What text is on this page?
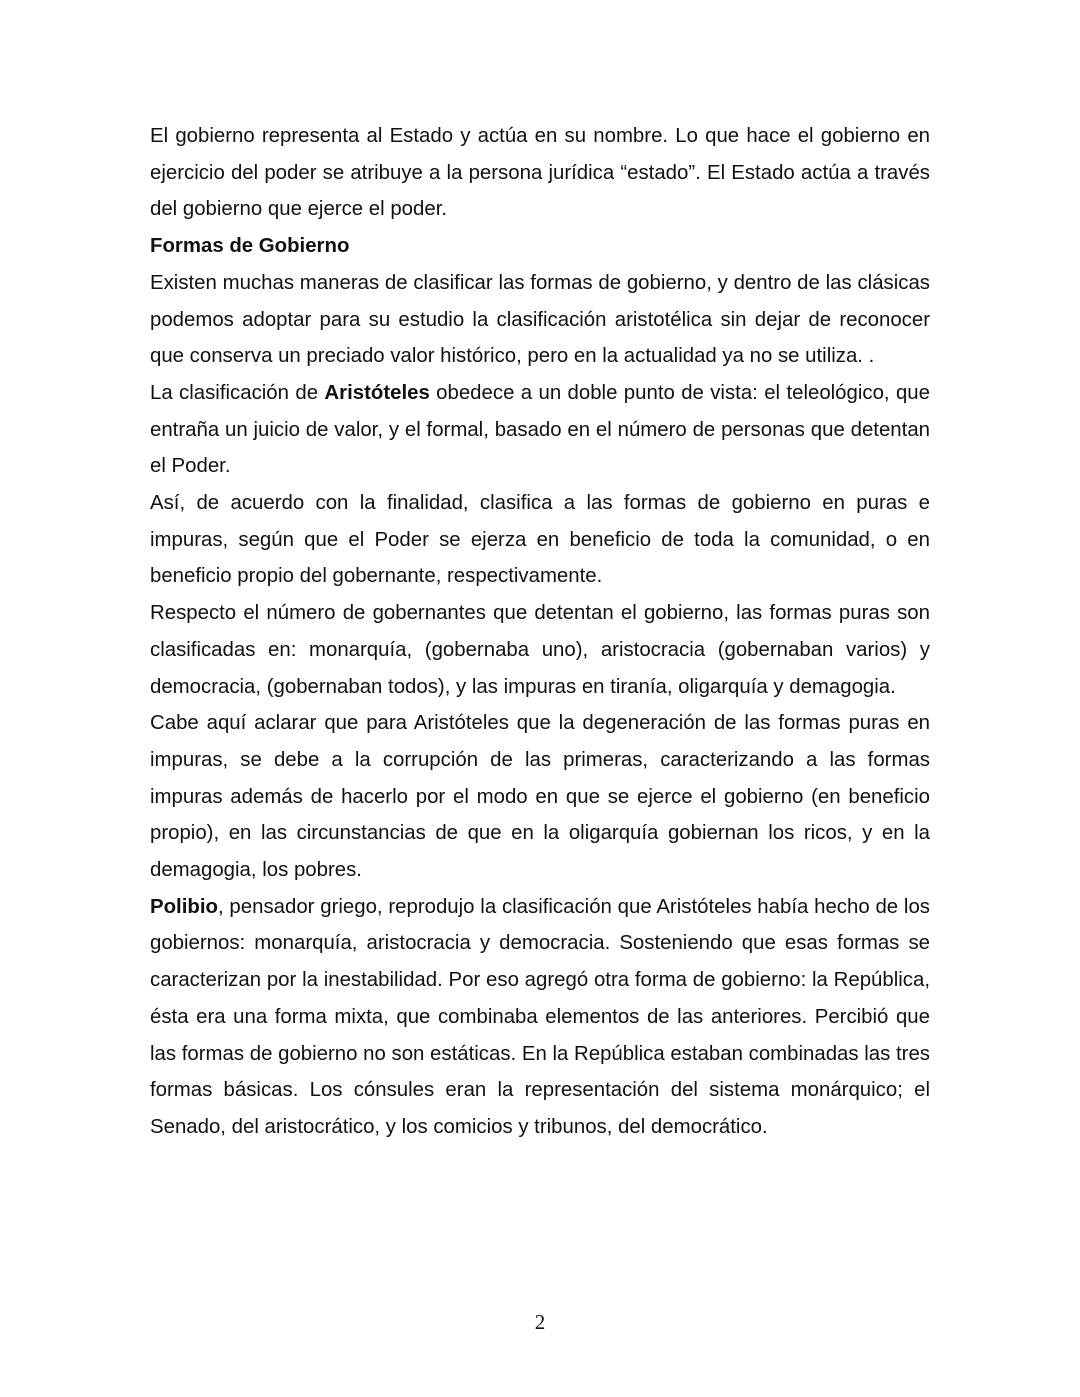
El gobierno representa al Estado y actúa en su nombre. Lo que hace el gobierno en ejercicio del poder se atribuye a la persona jurídica “estado”. El Estado actúa a través del gobierno que ejerce el poder.

Formas de Gobierno

Existen muchas maneras de clasificar las formas de gobierno, y dentro de las clásicas podemos adoptar para su estudio la clasificación aristotélica sin dejar de reconocer que conserva un preciado valor histórico, pero en la actualidad ya no se utiliza. .

La clasificación de Aristóteles obedece a un doble punto de vista: el teleológico, que entraña un juicio de valor, y el formal, basado en el número de personas que detentan el Poder.

Así, de acuerdo con la finalidad, clasifica a las formas de gobierno en puras e impuras, según que el Poder se ejerza en beneficio de toda la comunidad, o en beneficio propio del gobernante, respectivamente.

Respecto el número de gobernantes que detentan el gobierno, las formas puras son clasificadas en: monarquía, (gobernaba uno), aristocracia (gobernaban varios) y democracia, (gobernaban todos), y las impuras en tiranía, oligarquía y demagogia.

Cabe aquí aclarar que para Aristóteles que la degeneración de las formas puras en impuras, se debe a la corrupción de las primeras, caracterizando a las formas impuras además de hacerlo por el modo en que se ejerce el gobierno (en beneficio propio), en las circunstancias de que en la oligarquía gobiernan los ricos, y en la demagogia, los pobres.

Polibio, pensador griego, reprodujo la clasificación que Aristóteles había hecho de los gobiernos: monarquía, aristocracia y democracia. Sosteniendo que esas formas se caracterizan por la inestabilidad. Por eso agregó otra forma de gobierno: la República, ésta era una forma mixta, que combinaba elementos de las anteriores. Percibió que las formas de gobierno no son estáticas. En la República estaban combinadas las tres formas básicas. Los cónsules eran la representación del sistema monárquico; el Senado, del aristocrático, y los comicios y tribunos, del democrático.

2
